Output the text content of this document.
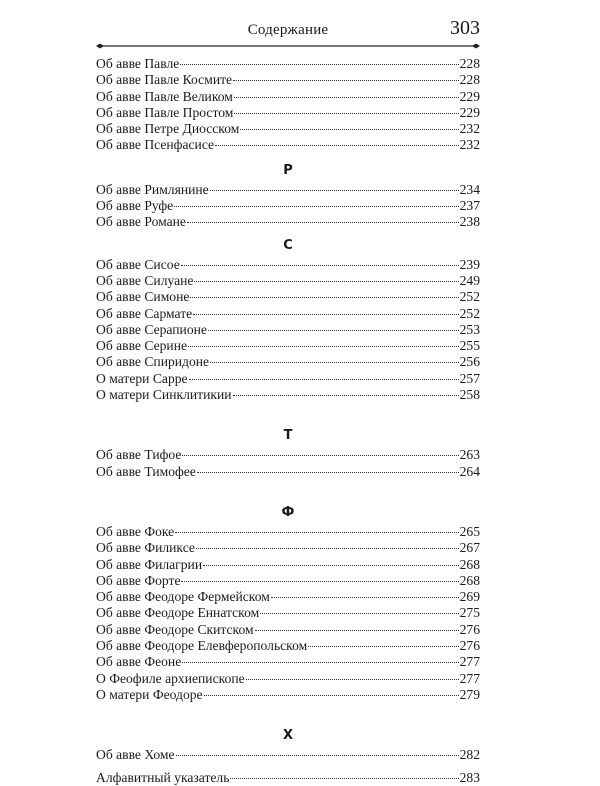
Содержание	303
Об авве Павле	228
Об авве Павле Космите	228
Об авве Павле Великом	229
Об авве Павле Простом	229
Об авве Петре Диосском	232
Об авве Псенфасисе	232
Р
Об авве Римлянине	234
Об авве Руфе	237
Об авве Романе	238
С
Об авве Сисое	239
Об авве Силуане	249
Об авве Симоне	252
Об авве Сармате	252
Об авве Серапионе	253
Об авве Серине	255
Об авве Спиридоне	256
О матери Сарре	257
О матери Синклитикии	258
Т
Об авве Тифое	263
Об авве Тимофее	264
Ф
Об авве Фоке	265
Об авве Филиксе	267
Об авве Филагрии	268
Об авве Форте	268
Об авве Феодоре Фермейском	269
Об авве Феодоре Еннатском	275
Об авве Феодоре Скитском	276
Об авве Феодоре Елевферопольском	276
Об авве Феоне	277
О Феофиле архиепископе	277
О матери Феодоре	279
Х
Об авве Хоме	282
Алфавитный указатель	283
